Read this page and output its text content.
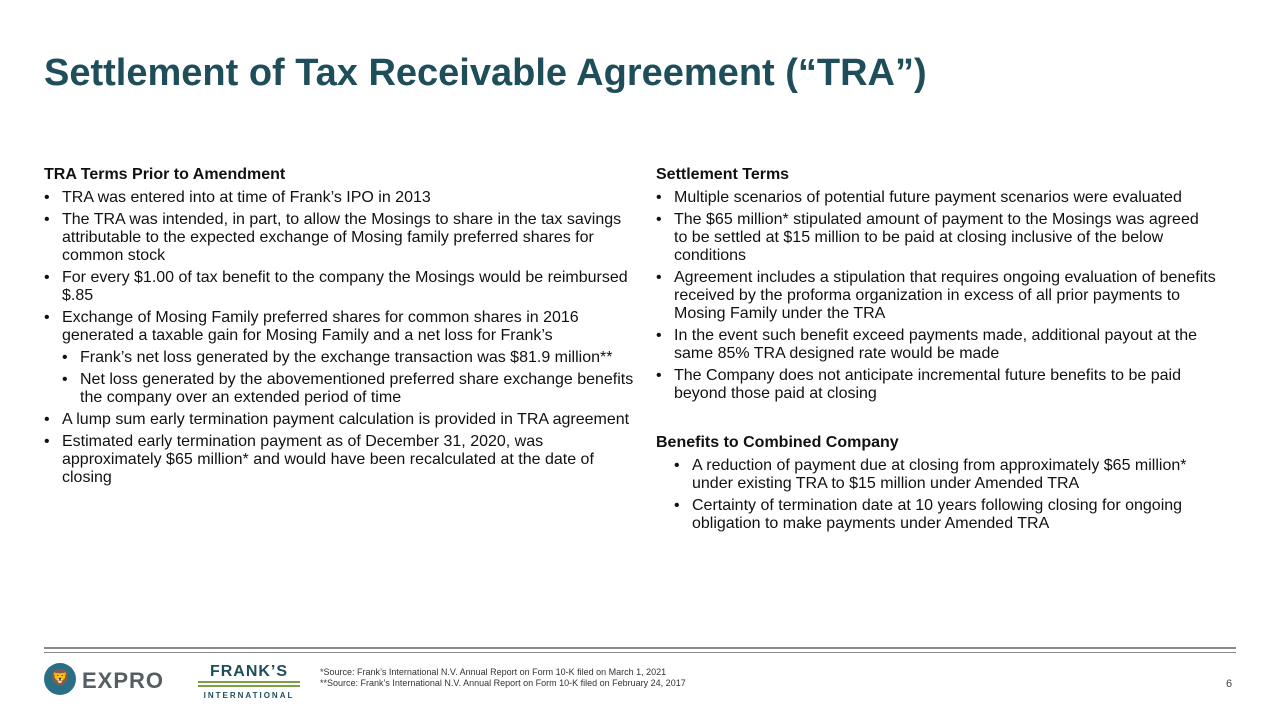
Settlement of Tax Receivable Agreement (“TRA”)
TRA Terms Prior to Amendment
• TRA was entered into at time of Frank’s IPO in 2013
• The TRA was intended, in part, to allow the Mosings to share in the tax savings attributable to the expected exchange of Mosing family preferred shares for common stock
• For every $1.00 of tax benefit to the company the Mosings would be reimbursed $.85
• Exchange of Mosing Family preferred shares for common shares in 2016 generated a taxable gain for Mosing Family and a net loss for Frank’s
• Frank’s net loss generated by the exchange transaction was $81.9 million**
• Net loss generated by the abovementioned preferred share exchange benefits the company over an extended period of time
• A lump sum early termination payment calculation is provided in TRA agreement
• Estimated early termination payment as of December 31, 2020, was approximately $65 million* and would have been recalculated at the date of closing
Settlement Terms
• Multiple scenarios of potential future payment scenarios were evaluated
• The $65 million* stipulated amount of payment to the Mosings was agreed to be settled at $15 million to be paid at closing inclusive of the below conditions
• Agreement includes a stipulation that requires ongoing evaluation of benefits received by the proforma organization in excess of all prior payments to Mosing Family under the TRA
• In the event such benefit exceed payments made, additional payout at the same 85% TRA designed rate would be made
• The Company does not anticipate incremental future benefits to be paid beyond those paid at closing
Benefits to Combined Company
• A reduction of payment due at closing from approximately $65 million* under existing TRA to $15 million under Amended TRA
• Certainty of termination date at 10 years following closing for ongoing obligation to make payments under Amended TRA
🦁 EXPRO	FRANK’S
INTERNATIONAL
*Source: Frank’s International N.V. Annual Report on Form 10-K filed on March 1, 2021
**Source: Frank’s International N.V. Annual Report on Form 10-K filed on February 24, 2017	6
